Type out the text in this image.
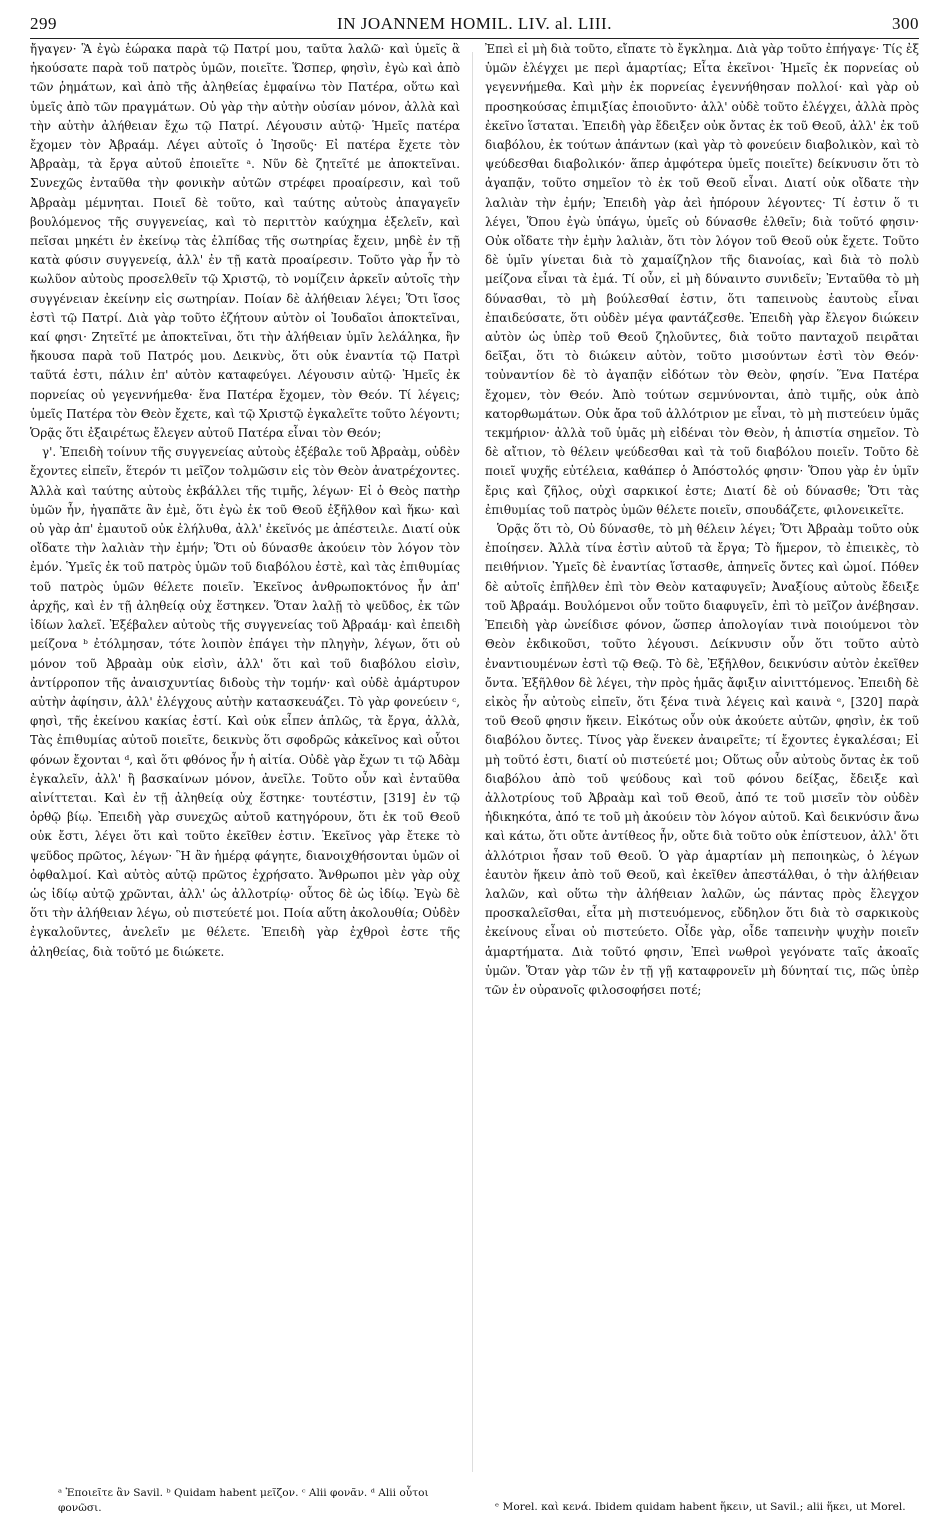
299	IN JOANNEM HOMIL. LIV. al. LIII.	300

ἤγαγεν· Ἃ ἐγὼ ἑώρακα παρὰ τῷ Πατρί μου, ταῦτα λαλῶ· καὶ ὑμεῖς ἃ ἠκούσατε παρὰ τοῦ πατρὸς ὑμῶν, ποιεῖτε. Ὥσπερ, φησὶν, ἐγὼ καὶ ἀπὸ τῶν ῥημάτων, καὶ ἀπὸ τῆς ἀληθείας ἐμφαίνω τὸν Πατέρα, οὕτω καὶ ὑμεῖς ἀπὸ τῶν πραγμάτων. Οὐ γὰρ τὴν αὐτὴν οὐσίαν μόνον, ἀλλὰ καὶ τὴν αὐτὴν ἀλήθειαν ἔχω τῷ Πατρί. Λέγουσιν αὐτῷ· Ἡμεῖς πατέρα ἔχομεν τὸν Ἀβραάμ. Λέγει αὐτοῖς ὁ Ἰησοῦς· Εἰ πατέρα ἔχετε τὸν Ἀβραὰμ, τὰ ἔργα αὐτοῦ ἐποιεῖτε ᵃ. Νῦν δὲ ζητεῖτέ με ἀποκτεῖναι. Συνεχῶς ἐνταῦθα τὴν φονικὴν αὐτῶν στρέφει προαίρεσιν, καὶ τοῦ Ἀβραὰμ μέμνηται. Ποιεῖ δὲ τοῦτο, καὶ ταύτης αὐτοὺς ἀπαγαγεῖν βουλόμενος τῆς συγγενείας, καὶ τὸ περιττὸν καύχημα ἐξελεῖν, καὶ πεῖσαι μηκέτι ἐν ἐκείνῳ τὰς ἐλπίδας τῆς σωτηρίας ἔχειν, μηδὲ ἐν τῇ κατὰ φύσιν συγγενείᾳ, ἀλλ' ἐν τῇ κατὰ προαίρεσιν. Τοῦτο γὰρ ἦν τὸ κωλῦον αὐτοὺς προσελθεῖν τῷ Χριστῷ, τὸ νομίζειν ἀρκεῖν αὐτοῖς τὴν συγγένειαν ἐκείνην εἰς σωτηρίαν. Ποίαν δὲ ἀλήθειαν λέγει; Ὅτι ἴσος ἐστὶ τῷ Πατρί. Διὰ γὰρ τοῦτο ἐζήτουν αὐτὸν οἱ Ἰουδαῖοι ἀποκτεῖναι, καί φησι· Ζητεῖτέ με ἀποκτεῖναι, ὅτι τὴν ἀλήθειαν ὑμῖν λελάληκα, ἣν ἤκουσα παρὰ τοῦ Πατρός μου. Δεικνὺς, ὅτι οὐκ ἐναντία τῷ Πατρὶ ταῦτά ἐστι, πάλιν ἐπ' αὐτὸν καταφεύγει. Λέγουσιν αὐτῷ· Ἡμεῖς ἐκ πορνείας οὐ γεγεννήμεθα· ἕνα Πατέρα ἔχομεν, τὸν Θεόν. Τί λέγεις; ὑμεῖς Πατέρα τὸν Θεὸν ἔχετε, καὶ τῷ Χριστῷ ἐγκαλεῖτε τοῦτο λέγοντι; Ὁρᾷς ὅτι ἐξαιρέτως ἔλεγεν αὐτοῦ Πατέρα εἶναι τὸν Θεόν;

γ'. Ἐπειδὴ τοίνυν τῆς συγγενείας αὐτοὺς ἐξέβαλε τοῦ Ἀβραὰμ, οὐδὲν ἔχοντες εἰπεῖν, ἕτερόν τι μεῖζον τολμῶσιν εἰς τὸν Θεὸν ἀνατρέχοντες. Ἀλλὰ καὶ ταύτης αὐτοὺς ἐκβάλλει τῆς τιμῆς, λέγων· Εἰ ὁ Θεὸς πατὴρ ὑμῶν ἦν, ἠγαπᾶτε ἂν ἐμὲ, ὅτι ἐγὼ ἐκ τοῦ Θεοῦ ἐξῆλθον καὶ ἥκω· καὶ οὐ γὰρ ἀπ' ἐμαυτοῦ οὐκ ἐλήλυθα, ἀλλ' ἐκεῖνός με ἀπέστειλε. Διατί οὐκ οἴδατε τὴν λαλιὰν τὴν ἐμήν; Ὅτι οὐ δύνασθε ἀκούειν τὸν λόγον τὸν ἐμόν. Ὑμεῖς ἐκ τοῦ πατρὸς ὑμῶν τοῦ διαβόλου ἐστὲ, καὶ τὰς ἐπιθυμίας τοῦ πατρὸς ὑμῶν θέλετε ποιεῖν. Ἐκεῖνος ἀνθρωποκτόνος ἦν ἀπ' ἀρχῆς, καὶ ἐν τῇ ἀληθείᾳ οὐχ ἕστηκεν. Ὅταν λαλῇ τὸ ψεῦδος, ἐκ τῶν ἰδίων λαλεῖ. Ἐξέβαλεν αὐτοὺς τῆς συγγενείας τοῦ Ἀβραάμ· καὶ ἐπειδὴ μείζονα ᵇ ἐτόλμησαν, τότε λοιπὸν ἐπάγει τὴν πληγὴν, λέγων, ὅτι οὐ μόνον τοῦ Ἀβραὰμ οὐκ εἰσὶν, ἀλλ' ὅτι καὶ τοῦ διαβόλου εἰσὶν, ἀντίρροπον τῆς ἀναισχυντίας διδοὺς τὴν τομήν· καὶ οὐδὲ ἀμάρτυρον αὐτὴν ἀφίησιν, ἀλλ' ἐλέγχους αὐτὴν κατασκευάζει. Τὸ γὰρ φονεύειν ᶜ, φησὶ, τῆς ἐκείνου κακίας ἐστί. Καὶ οὐκ εἶπεν ἁπλῶς, τὰ ἔργα, ἀλλὰ, Τὰς ἐπιθυμίας αὐτοῦ ποιεῖτε, δεικνὺς ὅτι σφοδρῶς κἀκεῖνος καὶ οὗτοι φόνων ἔχονται ᵈ, καὶ ὅτι φθόνος ἦν ἡ αἰτία. Οὐδὲ γὰρ ἔχων τι τῷ Ἀδὰμ ἐγκαλεῖν, ἀλλ' ἢ βασκαίνων μόνον, ἀνεῖλε. Τοῦτο οὖν καὶ ἐνταῦθα αἰνίττεται. Καὶ ἐν τῇ ἀληθείᾳ οὐχ ἕστηκε· τουτέστιν, [319] ἐν τῷ ὀρθῷ βίῳ. Ἐπειδὴ γὰρ συνεχῶς αὐτοῦ κατηγόρουν, ὅτι ἐκ τοῦ Θεοῦ οὐκ ἔστι, λέγει ὅτι καὶ τοῦτο ἐκεῖθεν ἐστιν. Ἐκεῖνος γὰρ ἔτεκε τὸ ψεῦδος πρῶτος, λέγων· Ἣ ἂν ἡμέρᾳ φάγητε, διανοιχθήσονται ὑμῶν οἱ ὀφθαλμοί. Καὶ αὐτὸς αὐτῷ πρῶτος ἐχρήσατο. Ἄνθρωποι μὲν γὰρ οὐχ ὡς ἰδίῳ αὐτῷ χρῶνται, ἀλλ' ὡς ἀλλοτρίῳ· οὗτος δὲ ὡς ἰδίῳ. Ἐγὼ δὲ ὅτι τὴν ἀλήθειαν λέγω, οὐ πιστεύετέ μοι. Ποία αὕτη ἀκολουθία; Οὐδὲν ἐγκαλοῦντες, ἀνελεῖν με θέλετε. Ἐπειδὴ γὰρ ἐχθροὶ ἐστε τῆς ἀληθείας, διὰ τοῦτό με διώκετε.

Ἐπεὶ εἰ μὴ διὰ τοῦτο, εἴπατε τὸ ἔγκλημα. Διὰ γὰρ τοῦτο ἐπήγαγε· Τίς ἐξ ὑμῶν ἐλέγχει με περὶ ἁμαρτίας; Εἶτα ἐκεῖνοι· Ἡμεῖς ἐκ πορνείας οὐ γεγεννήμεθα. Καὶ μὴν ἐκ πορνείας ἐγεννήθησαν πολλοί· καὶ γὰρ οὐ προσηκούσας ἐπιμιξίας ἐποιοῦντο· ἀλλ' οὐδὲ τοῦτο ἐλέγχει, ἀλλὰ πρὸς ἐκεῖνο ἵσταται. Ἐπειδὴ γὰρ ἔδειξεν οὐκ ὄντας ἐκ τοῦ Θεοῦ, ἀλλ' ἐκ τοῦ διαβόλου, ἐκ τούτων ἁπάντων (καὶ γὰρ τὸ φονεύειν διαβολικὸν, καὶ τὸ ψεύδεσθαι διαβολικόν· ἅπερ ἀμφότερα ὑμεῖς ποιεῖτε) δείκνυσιν ὅτι τὸ ἀγαπᾷν, τοῦτο σημεῖον τὸ ἐκ τοῦ Θεοῦ εἶναι. Διατί οὐκ οἴδατε τὴν λαλιὰν τὴν ἐμήν; Ἐπειδὴ γὰρ ἀεὶ ἠπόρουν λέγοντες· Τί ἐστιν ὅ τι λέγει, Ὅπου ἐγὼ ὑπάγω, ὑμεῖς οὐ δύνασθε ἐλθεῖν; διὰ τοῦτό φησιν· Οὐκ οἴδατε τὴν ἐμὴν λαλιὰν, ὅτι τὸν λόγον τοῦ Θεοῦ οὐκ ἔχετε. Τοῦτο δὲ ὑμῖν γίνεται διὰ τὸ χαμαίζηλον τῆς διανοίας, καὶ διὰ τὸ πολὺ μείζονα εἶναι τὰ ἐμά. Τί οὖν, εἰ μὴ δύναιντο συνιδεῖν; Ἐνταῦθα τὸ μὴ δύνασθαι, τὸ μὴ βούλεσθαί ἐστιν, ὅτι ταπεινοὺς ἑαυτοὺς εἶναι ἐπαιδεύσατε, ὅτι οὐδὲν μέγα φαντάζεσθε. Ἐπειδὴ γὰρ ἔλεγον διώκειν αὐτὸν ὡς ὑπὲρ τοῦ Θεοῦ ζηλοῦντες, διὰ τοῦτο πανταχοῦ πειρᾶται δεῖξαι, ὅτι τὸ διώκειν αὐτὸν, τοῦτο μισούντων ἐστὶ τὸν Θεόν· τοὐναντίον δὲ τὸ ἀγαπᾷν εἰδότων τὸν Θεὸν, φησίν. Ἕνα Πατέρα ἔχομεν, τὸν Θεόν. Ἀπὸ τούτων σεμνύνονται, ἀπὸ τιμῆς, οὐκ ἀπὸ κατορθωμάτων. Οὐκ ἄρα τοῦ ἀλλότριον με εἶναι, τὸ μὴ πιστεύειν ὑμᾶς τεκμήριον· ἀλλὰ τοῦ ὑμᾶς μὴ εἰδέναι τὸν Θεὸν, ἡ ἀπιστία σημεῖον. Τὸ δὲ αἴτιον, τὸ θέλειν ψεύδεσθαι καὶ τὰ τοῦ διαβόλου ποιεῖν. Τοῦτο δὲ ποιεῖ ψυχῆς εὐτέλεια, καθάπερ ὁ Ἀπόστολός φησιν· Ὅπου γὰρ ἐν ὑμῖν ἔρις καὶ ζῆλος, οὐχὶ σαρκικοί ἐστε; Διατί δὲ οὐ δύνασθε; Ὅτι τὰς ἐπιθυμίας τοῦ πατρὸς ὑμῶν θέλετε ποιεῖν, σπουδάζετε, φιλονεικεῖτε.

Ὁρᾷς ὅτι τὸ, Οὐ δύνασθε, τὸ μὴ θέλειν λέγει; Ὅτι Ἀβραὰμ τοῦτο οὐκ ἐποίησεν. Ἀλλὰ τίνα ἐστὶν αὐτοῦ τὰ ἔργα; Τὸ ἥμερον, τὸ ἐπιεικὲς, τὸ πειθήνιον. Ὑμεῖς δὲ ἐναντίας ἵστασθε, ἀπηνεῖς ὄντες καὶ ὠμοί. Πόθεν δὲ αὐτοῖς ἐπῆλθεν ἐπὶ τὸν Θεὸν καταφυγεῖν; Ἀναξίους αὐτοὺς ἔδειξε τοῦ Ἀβραάμ. Βουλόμενοι οὖν τοῦτο διαφυγεῖν, ἐπὶ τὸ μεῖζον ἀνέβησαν. Ἐπειδὴ γὰρ ὠνείδισε φόνον, ὥσπερ ἀπολογίαν τινὰ ποιούμενοι τὸν Θεὸν ἐκδικοῦσι, τοῦτο λέγουσι. Δείκνυσιν οὖν ὅτι τοῦτο αὐτὸ ἐναντιουμένων ἐστὶ τῷ Θεῷ. Τὸ δὲ, Ἐξῆλθον, δεικνύσιν αὐτὸν ἐκεῖθεν ὄντα. Ἐξῆλθον δὲ λέγει, τὴν πρὸς ἡμᾶς ἄφιξιν αἰνιττόμενος. Ἐπειδὴ δὲ εἰκὸς ἦν αὐτοὺς εἰπεῖν, ὅτι ξένα τινὰ λέγεις καὶ καινὰ ᵉ, [320] παρὰ τοῦ Θεοῦ φησιν ἥκειν. Εἰκότως οὖν οὐκ ἀκούετε αὐτῶν, φησὶν, ἐκ τοῦ διαβόλου ὄντες. Τίνος γὰρ ἕνεκεν ἀναιρεῖτε; τί ἔχοντες ἐγκαλέσαι; Εἰ μὴ τοῦτό ἐστι, διατί οὐ πιστεύετέ μοι; Οὕτως οὖν αὐτοὺς ὄντας ἐκ τοῦ διαβόλου ἀπὸ τοῦ ψεύδους καὶ τοῦ φόνου δείξας, ἔδειξε καὶ ἀλλοτρίους τοῦ Ἀβραὰμ καὶ τοῦ Θεοῦ, ἀπό τε τοῦ μισεῖν τὸν οὐδὲν ἠδικηκότα, ἀπό τε τοῦ μὴ ἀκούειν τὸν λόγον αὐτοῦ. Καὶ δεικνύσιν ἄνω καὶ κάτω, ὅτι οὔτε ἀντίθεος ἦν, οὔτε διὰ τοῦτο οὐκ ἐπίστευον, ἀλλ' ὅτι ἀλλότριοι ἦσαν τοῦ Θεοῦ. Ὁ γὰρ ἁμαρτίαν μὴ πεποιηκὼς, ὁ λέγων ἑαυτὸν ἥκειν ἀπὸ τοῦ Θεοῦ, καὶ ἐκεῖθεν ἀπεστάλθαι, ὁ τὴν ἀλήθειαν λαλῶν, καὶ οὕτω τὴν ἀλήθειαν λαλῶν, ὡς πάντας πρὸς ἔλεγχον προσκαλεῖσθαι, εἶτα μὴ πιστευόμενος, εὔδηλον ὅτι διὰ τὸ σαρκικοὺς ἐκείνους εἶναι οὐ πιστεύετο. Οἶδε γὰρ, οἶδε ταπεινὴν ψυχὴν ποιεῖν ἁμαρτήματα. Διὰ τοῦτό φησιν, Ἐπεὶ νωθροὶ γεγόνατε ταῖς ἀκοαῖς ὑμῶν. Ὅταν γὰρ τῶν ἐν τῇ γῇ καταφρονεῖν μὴ δύνηταί τις, πῶς ὑπὲρ τῶν ἐν οὐρανοῖς φιλοσοφήσει ποτέ;

ᵃ Ἐποιεῖτε ἂν Savil. ᵇ Quidam habent μεῖζον. ᶜ Alii φονᾶν. ᵈ Alii οὗτοι φονῶσι.	ᵉ Morel. καὶ κενά. Ibidem quidam habent ἥκειν, ut Savil.; alii ἥκει, ut Morel.
